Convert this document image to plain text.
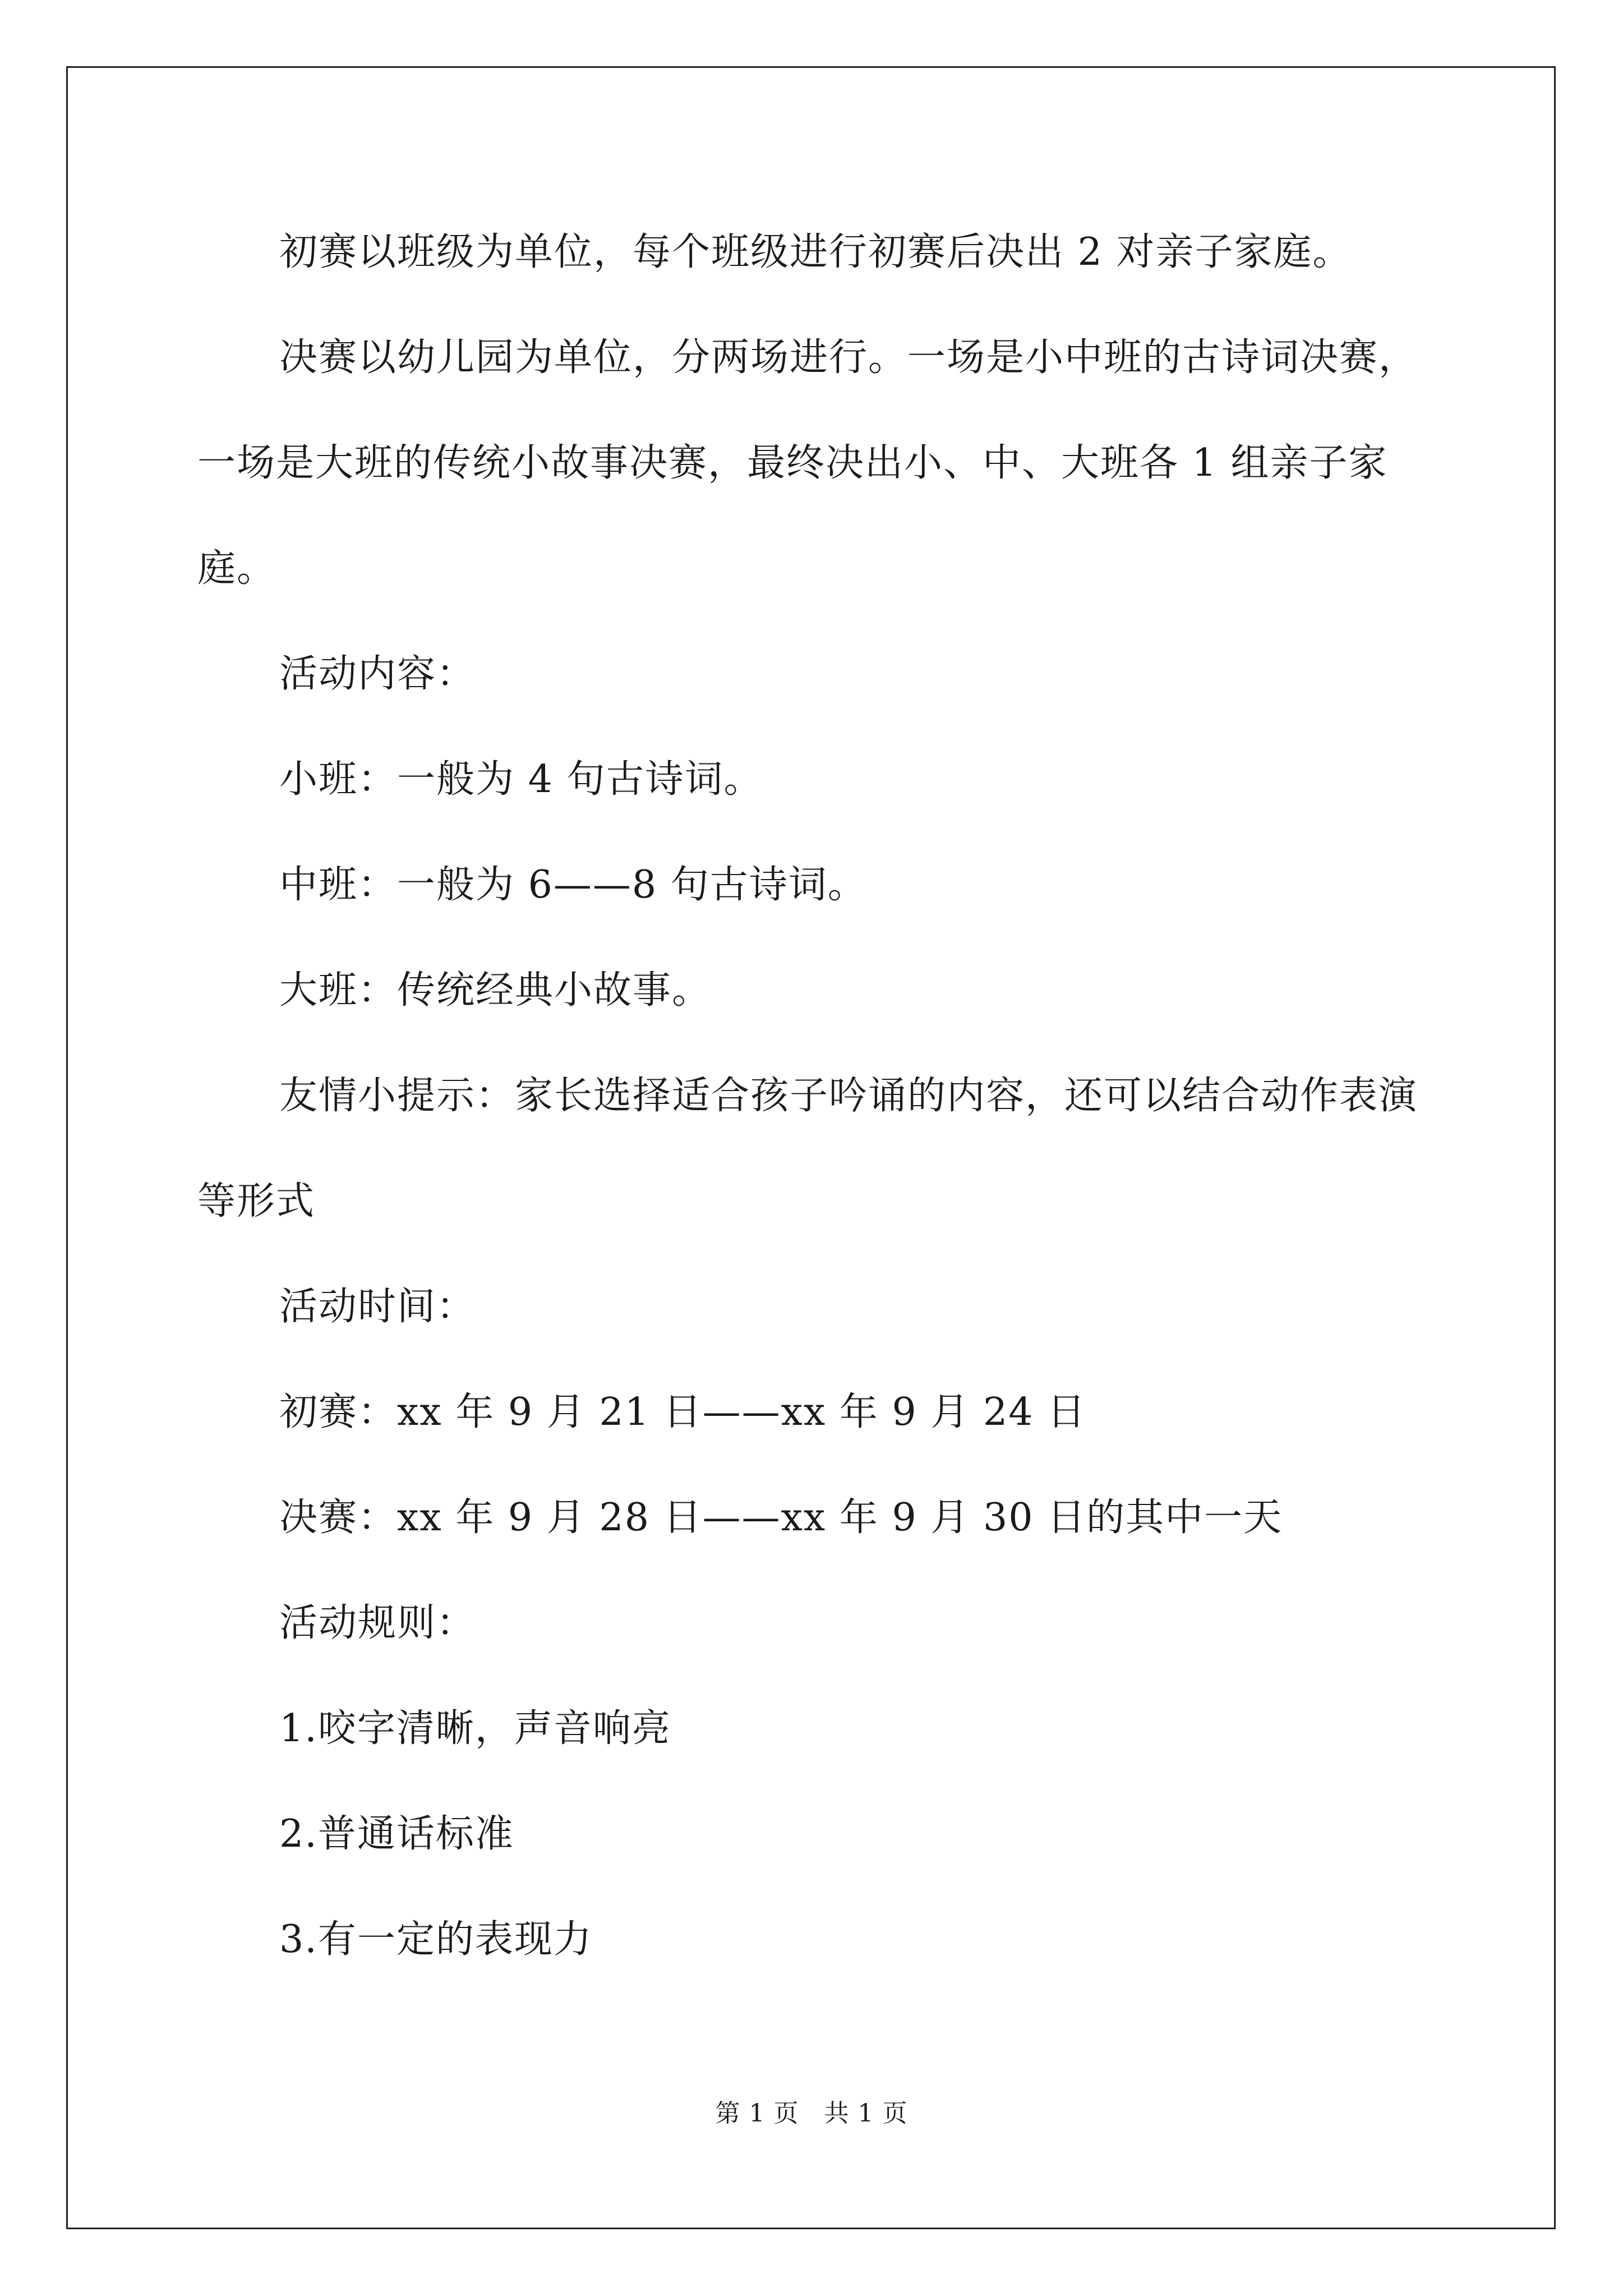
初赛以班级为单位，每个班级进行初赛后决出 2 对亲子家庭。

决赛以幼儿园为单位，分两场进行。一场是小中班的古诗词决赛，一场是大班的传统小故事决赛，最终决出小、中、大班各 1 组亲子家庭。

活动内容：

小班：一般为 4 句古诗词。

中班：一般为 6——8 句古诗词。

大班：传统经典小故事。

友情小提示：家长选择适合孩子吟诵的内容，还可以结合动作表演等形式

活动时间：

初赛：xx 年 9 月 21 日——xx 年 9 月 24 日

决赛：xx 年 9 月 28 日——xx 年 9 月 30 日的其中一天

活动规则：

1.咬字清晰，声音响亮

2.普通话标准

3.有一定的表现力

第 1 页 共 1 页
